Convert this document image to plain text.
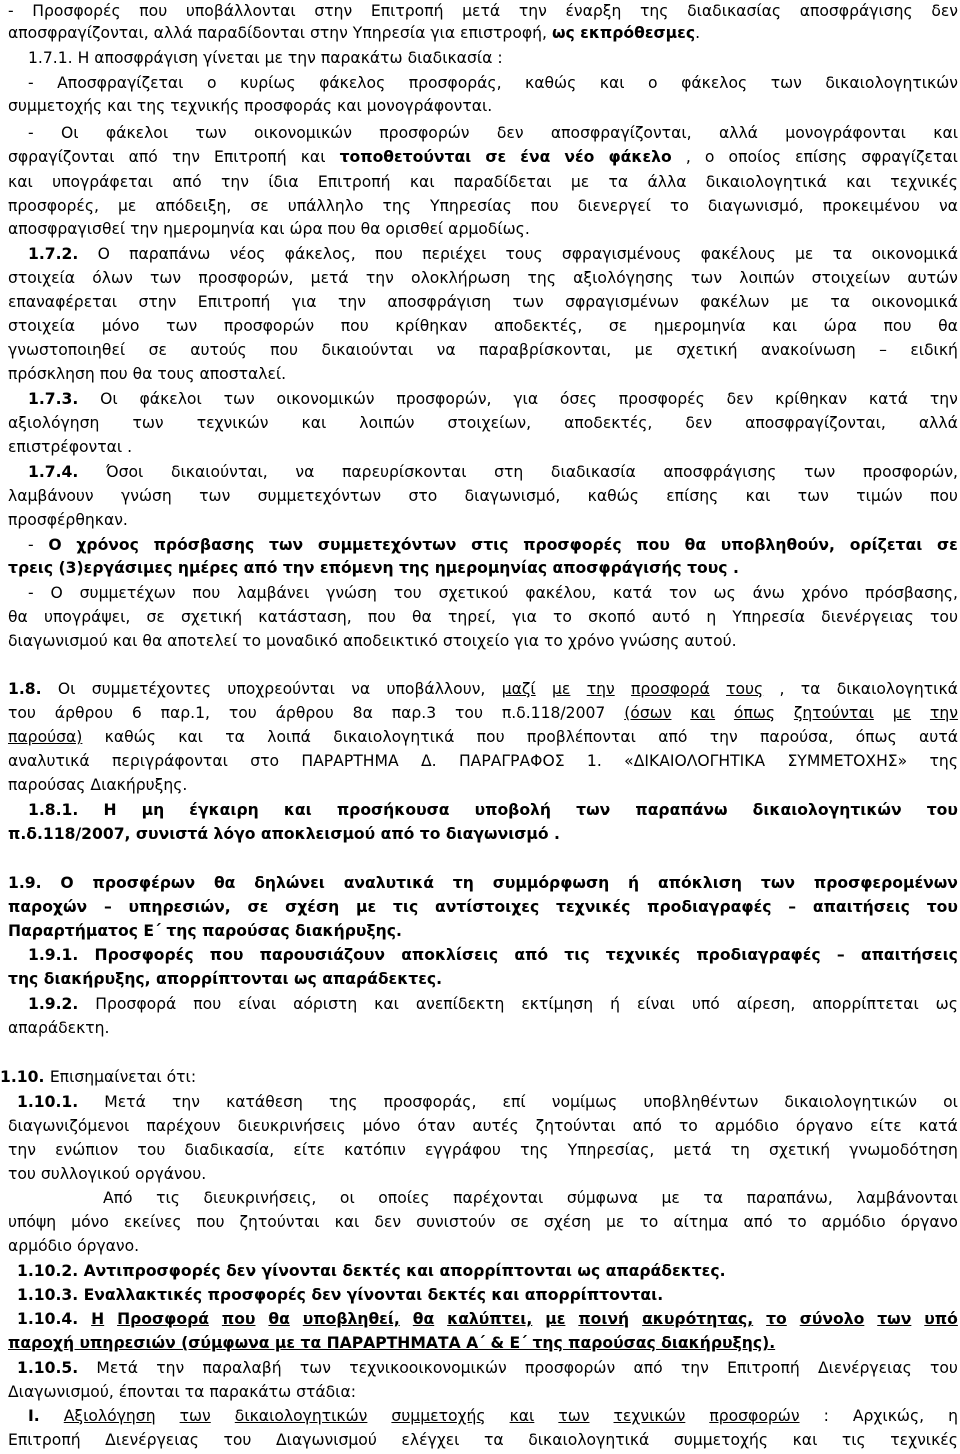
- Προσφορές που υποβάλλονται στην Επιτροπή μετά την έναρξη της διαδικασίας αποσφράγισης δεν
αποσφραγίζονται, αλλά παραδίδονται στην Υπηρεσία για επιστροφή, ως εκπρόθεσμες.
1.7.1. Η αποσφράγιση γίνεται με την παρακάτω διαδικασία :
- Αποσφραγίζεται ο κυρίως φάκελος προσφοράς, καθώς και ο φάκελος των δικαιολογητικών
συμμετοχής και της τεχνικής προσφοράς και μονογράφονται.
- Οι φάκελοι των οικονομικών προσφορών δεν αποσφραγίζονται, αλλά μονογράφονται και
σφραγίζονται από την Επιτροπή και τοποθετούνται σε ένα νέο φάκελο , ο οποίος επίσης σφραγίζεται
και υπογράφεται από την ίδια Επιτροπή και παραδίδεται με τα άλλα δικαιολογητικά και τεχνικές
προσφορές, με απόδειξη, σε υπάλληλο της Υπηρεσίας που διενεργεί το διαγωνισμό, προκειμένου να
αποσφραγισθεί την ημερομηνία και ώρα που θα ορισθεί αρμοδίως.
1.7.2. Ο παραπάνω νέος φάκελος, που περιέχει τους σφραγισμένους φακέλους με τα οικονομικά
στοιχεία όλων των προσφορών, μετά την ολοκλήρωση της αξιολόγησης των λοιπών στοιχείων αυτών
επαναφέρεται στην Επιτροπή για την αποσφράγιση των σφραγισμένων φακέλων με τα οικονομικά
στοιχεία μόνο των προσφορών που κρίθηκαν αποδεκτές, σε ημερομηνία και ώρα που θα
γνωστοποιηθεί σε αυτούς που δικαιούνται να παραβρίσκονται, με σχετική ανακοίνωση – ειδική
πρόσκληση που θα τους αποσταλεί.
1.7.3. Οι φάκελοι των οικονομικών προσφορών, για όσες προσφορές δεν κρίθηκαν κατά την
αξιολόγηση των τεχνικών και λοιπών στοιχείων, αποδεκτές, δεν αποσφραγίζονται, αλλά
επιστρέφονται .
1.7.4. Όσοι δικαιούνται, να παρευρίσκονται στη διαδικασία αποσφράγισης των προσφορών,
λαμβάνουν γνώση των συμμετεχόντων στο διαγωνισμό, καθώς επίσης και των τιμών που
προσφέρθηκαν.
- Ο χρόνος πρόσβασης των συμμετεχόντων στις προσφορές που θα υποβληθούν, ορίζεται σε
τρεις (3)εργάσιμες ημέρες από την επόμενη της ημερομηνίας αποσφράγισής τους .
- Ο συμμετέχων που λαμβάνει γνώση του σχετικού φακέλου, κατά τον ως άνω χρόνο πρόσβασης,
θα υπογράψει, σε σχετική κατάσταση, που θα τηρεί, για το σκοπό αυτό η Υπηρεσία διενέργειας του
διαγωνισμού και θα αποτελεί το μοναδικό αποδεικτικό στοιχείο για το χρόνο γνώσης αυτού.
1.8. Οι συμμετέχοντες υποχρεούνται να υποβάλλουν, μαζί με την προσφορά τους , τα δικαιολογητικά
του άρθρου 6 παρ.1, του άρθρου 8α παρ.3 του π.δ.118/2007 (όσων και όπως ζητούνται με την
παρούσα) καθώς και τα λοιπά δικαιολογητικά που προβλέπονται από την παρούσα, όπως αυτά
αναλυτικά περιγράφονται στο ΠΑΡΑΡΤΗΜΑ Δ. ΠΑΡΑΓΡΑΦΟΣ 1. «ΔΙΚΑΙΟΛΟΓΗΤΙΚΑ ΣΥΜΜΕΤΟΧΗΣ» της
παρούσας Διακήρυξης.
1.8.1. Η μη έγκαιρη και προσήκουσα υποβολή των παραπάνω δικαιολογητικών του
π.δ.118/2007, συνιστά λόγο αποκλεισμού από το διαγωνισμό .
1.9. Ο προσφέρων θα δηλώνει αναλυτικά τη συμμόρφωση ή απόκλιση των προσφερομένων
παροχών – υπηρεσιών, σε σχέση με τις αντίστοιχες τεχνικές προδιαγραφές – απαιτήσεις του
Παραρτήματος Ε΄ της παρούσας διακήρυξης.
1.9.1. Προσφορές που παρουσιάζουν αποκλίσεις από τις τεχνικές προδιαγραφές – απαιτήσεις
της διακήρυξης, απορρίπτονται ως απαράδεκτες.
1.9.2. Προσφορά που είναι αόριστη και ανεπίδεκτη εκτίμηση ή είναι υπό αίρεση, απορρίπτεται ως
απαράδεκτη.
1.10. Επισημαίνεται ότι:
1.10.1. Μετά την κατάθεση της προσφοράς, επί νομίμως υποβληθέντων δικαιολογητικών οι
διαγωνιζόμενοι παρέχουν διευκρινήσεις μόνο όταν αυτές ζητούνται από το αρμόδιο όργανο είτε κατά
την ενώπιον του διαδικασία, είτε κατόπιν εγγράφου της Υπηρεσίας, μετά τη σχετική γνωμοδότηση
του συλλογικού οργάνου.
Από τις διευκρινήσεις, οι οποίες παρέχονται σύμφωνα με τα παραπάνω, λαμβάνονται
υπόψη μόνο εκείνες που ζητούνται και δεν συνιστούν σε σχέση με το αίτημα από το αρμόδιο όργανο
αρμόδιο όργανο.
1.10.2. Αντιπροσφορές δεν γίνονται δεκτές και απορρίπτονται ως απαράδεκτες.
1.10.3. Εναλλακτικές προσφορές δεν γίνονται δεκτές και απορρίπτονται.
1.10.4. Η Προσφορά που θα υποβληθεί, θα καλύπτει, με ποινή ακυρότητας, το σύνολο των υπό
παροχή υπηρεσιών (σύμφωνα με τα ΠΑΡΑΡΤΗΜΑΤΑ Α΄ & Ε΄ της παρούσας διακήρυξης).
1.10.5. Μετά την παραλαβή των τεχνικοοικονομικών προσφορών από την Επιτροπή Διενέργειας του
Διαγωνισμού, έπονται τα παρακάτω στάδια:
Ι. Αξιολόγηση των δικαιολογητικών συμμετοχής και των τεχνικών προσφορών : Αρχικώς, η
Επιτροπή Διενέργειας του Διαγωνισμού ελέγχει τα δικαιολογητικά συμμετοχής και τις τεχνικές
